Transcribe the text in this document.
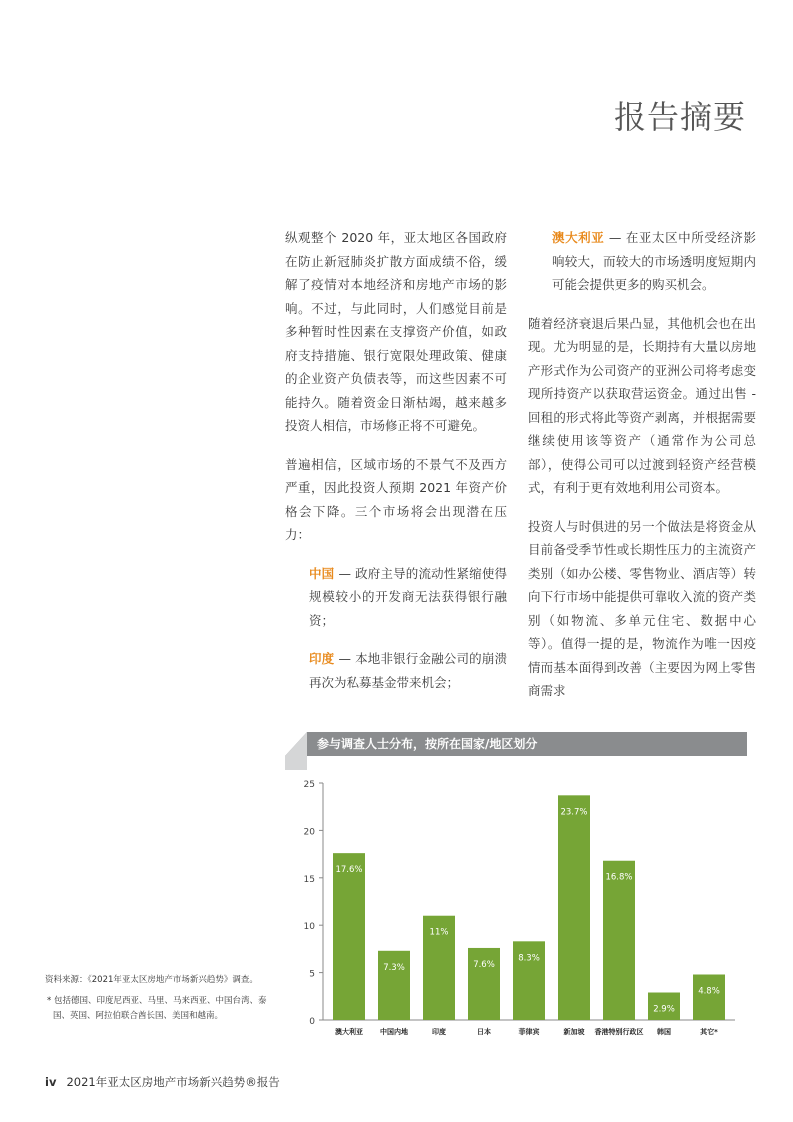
报告摘要

纵观整个 2020 年，亚太地区各国政府在防止新冠肺炎扩散方面成绩不俗，缓解了疫情对本地经济和房地产市场的影响。不过，与此同时，人们感觉目前是多种暂时性因素在支撑资产价值，如政府支持措施、银行宽限处理政策、健康的企业资产负债表等，而这些因素不可能持久。随着资金日渐枯竭，越来越多投资人相信，市场修正将不可避免。

普遍相信，区域市场的不景气不及西方严重，因此投资人预期 2021 年资产价格会下降。三个市场将会出现潜在压力：

中国 — 政府主导的流动性紧缩使得规模较小的开发商无法获得银行融资；

印度 — 本地非银行金融公司的崩溃再次为私募基金带来机会；

澳大利亚 — 在亚太区中所受经济影响较大，而较大的市场透明度短期内可能会提供更多的购买机会。

随着经济衰退后果凸显，其他机会也在出现。尤为明显的是，长期持有大量以房地产形式作为公司资产的亚洲公司将考虑变现所持资产以获取营运资金。通过出售 - 回租的形式将此等资产剥离，并根据需要继续使用该等资产（通常作为公司总部），使得公司可以过渡到轻资产经营模式，有利于更有效地利用公司资本。

投资人与时俱进的另一个做法是将资金从目前备受季节性或长期性压力的主流资产类别（如办公楼、零售物业、酒店等）转向下行市场中能提供可靠收入流的资产类别（如物流、多单元住宅、数据中心等）。值得一提的是，物流作为唯一因疫情而基本面得到改善（主要因为网上零售商需求

参与调查人士分布，按所在国家/地区划分
0
5
10
15
20
25
17.6%
澳大利亚
7.3%
中国内地
11%
印度
7.6%
日本
8.3%
菲律宾
23.7%
新加坡
16.8%
香港特别行政区
2.9%
韩国
4.8%
其它*

资料来源：《2021年亚太区房地产市场新兴趋势》调查。

* 包括德国、印度尼西亚、马里、马来西亚、中国台湾、泰国、英国、阿拉伯联合酋长国、美国和越南。

iv 2021年亚太区房地产市场新兴趋势®报告
